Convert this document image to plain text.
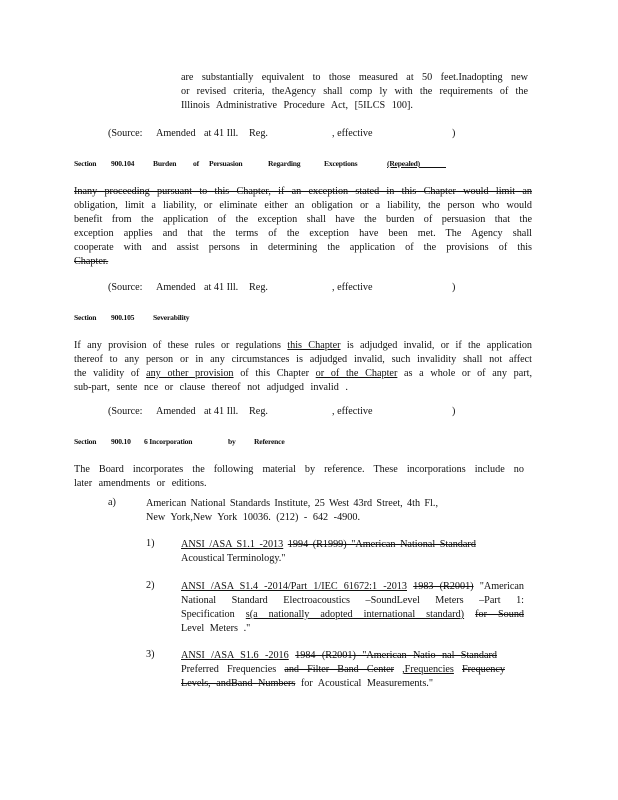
are substantially equivalent to those measured at 50 feet.Inadopting new

or revised criteria, theAgency shall comp ly with the requirements of the

Illinois Administrative Procedure Act, [5ILCS 100].

(Source: Amended at 41 Ill. Reg.	, effective	)
Section 900.104 Burden of Persuasion	Regarding	Exceptions	(Repealed)

Inany proceeding pursuant to this Chapter, if an exception stated in this Chapter would limit an

obligation, limit a liability, or eliminate either an obligation or a liability, the person who would

benefit from the application of the exception shall have the burden of persuasion that the

exception applies and that the terms of the exception have been met. The Agency shall

cooperate with and assist persons in determining the application of the provisions of this

Chapter.

(Source: Amended at 41 Ill. Reg.	, effective	)
Section 900.105 Severability

If any provision of these rules or regulations this Chapter is adjudged invalid, or if the application

thereof to any person or in any circumstances is adjudged invalid, such invalidity shall not affect

the validity of any other provision of this Chapter or of the Chapter as a whole or of any part,

sub-part, sente nce or clause thereof not adjudged invalid .

(Source: Amended at 41 Ill. Reg.	, effective	)
Section 900.10 6 Incorporation	by Reference

The Board incorporates the following material by reference. These incorporations include no

later amendments or editions.

a)	American National Standards Institute, 25 West 43rd Street, 4th Fl.,

New York,New York 10036. (212) - 642 -4900.

1)	ANSI /ASA S1.1 -2013 1994 (R1999) "American National Standard

Acoustical Terminology."

2)	ANSI /ASA S1.4 -2014/Part 1/IEC 61672:1 -2013 1983 (R2001) "American

National Standard Electroacoustics –SoundLevel Meters –Part 1:

Specification s(a nationally adopted international standard) for Sound

Level Meters ."

3)	ANSI /ASA S1.6 -2016 1984 (R2001) "American Natio nal Standard

Preferred Frequencies and Filter Band Center ,Frequencies Frequency

Levels, andBand Numbers for Acoustical Measurements."
